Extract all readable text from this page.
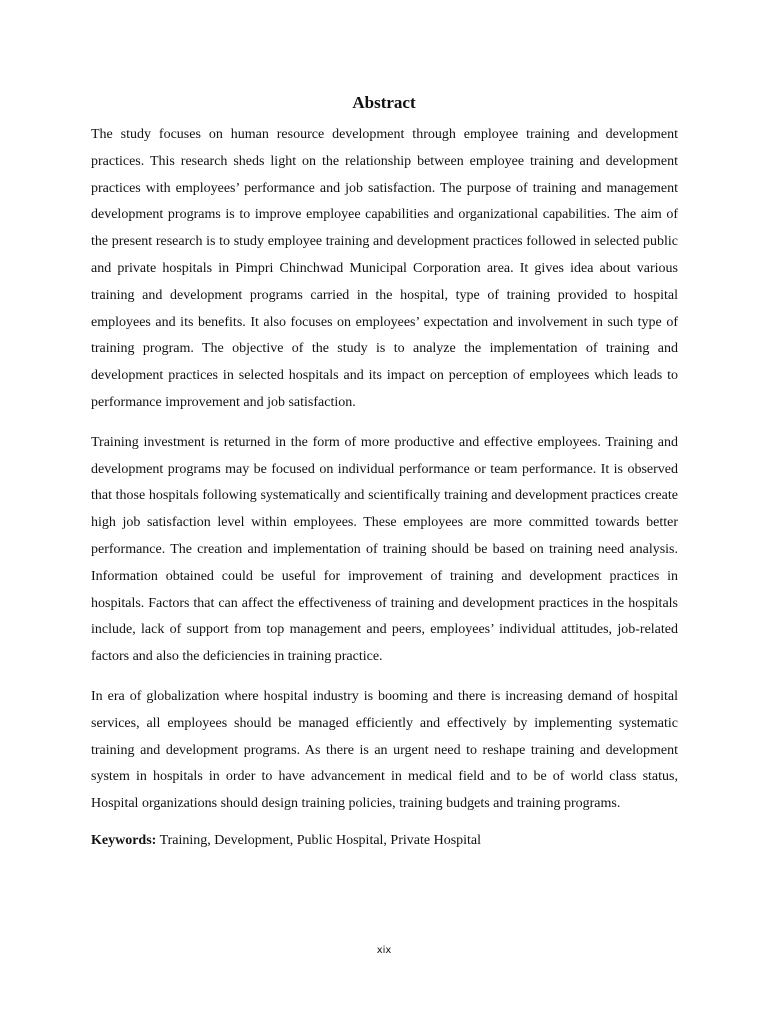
Abstract

The study focuses on human resource development through employee training and development practices. This research sheds light on the relationship between employee training and development practices with employees’ performance and job satisfaction. The purpose of training and management development programs is to improve employee capabilities and organizational capabilities. The aim of the present research is to study employee training and development practices followed in selected public and private hospitals in Pimpri Chinchwad Municipal Corporation area. It gives idea about various training and development programs carried in the hospital, type of training provided to hospital employees and its benefits. It also focuses on employees’ expectation and involvement in such type of training program. The objective of the study is to analyze the implementation of training and development practices in selected hospitals and its impact on perception of employees which leads to performance improvement and job satisfaction.

Training investment is returned in the form of more productive and effective employees. Training and development programs may be focused on individual performance or team performance. It is observed that those hospitals following systematically and scientifically training and development practices create high job satisfaction level within employees. These employees are more committed towards better performance. The creation and implementation of training should be based on training need analysis. Information obtained could be useful for improvement of training and development practices in hospitals. Factors that can affect the effectiveness of training and development practices in the hospitals include, lack of support from top management and peers, employees’ individual attitudes, job-related factors and also the deficiencies in training practice.

In era of globalization where hospital industry is booming and there is increasing demand of hospital services, all employees should be managed efficiently and effectively by implementing systematic training and development programs. As there is an urgent need to reshape training and development system in hospitals in order to have advancement in medical field and to be of world class status, Hospital organizations should design training policies, training budgets and training programs.

Keywords: Training, Development, Public Hospital, Private Hospital
xix
